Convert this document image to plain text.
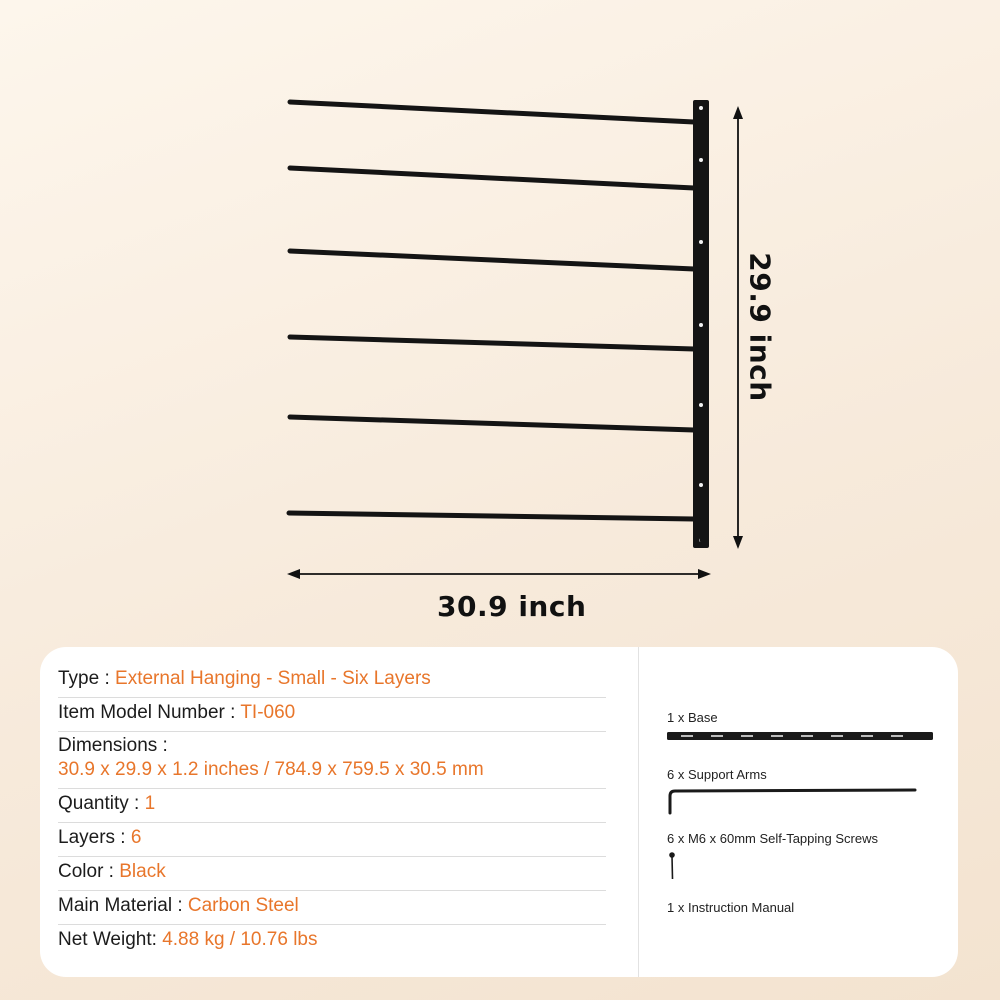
30.9 inch
29.9 inch
Type : External Hanging - Small - Six Layers
Item Model Number : TI-060
Dimensions :
30.9 x 29.9 x 1.2 inches / 784.9 x 759.5 x 30.5 mm
Quantity : 1
Layers : 6
Color : Black
Main Material : Carbon Steel
Net Weight: 4.88 kg / 10.76 lbs
1 x Base
6 x Support Arms
6 x M6 x 60mm Self-Tapping Screws
1 x Instruction Manual
